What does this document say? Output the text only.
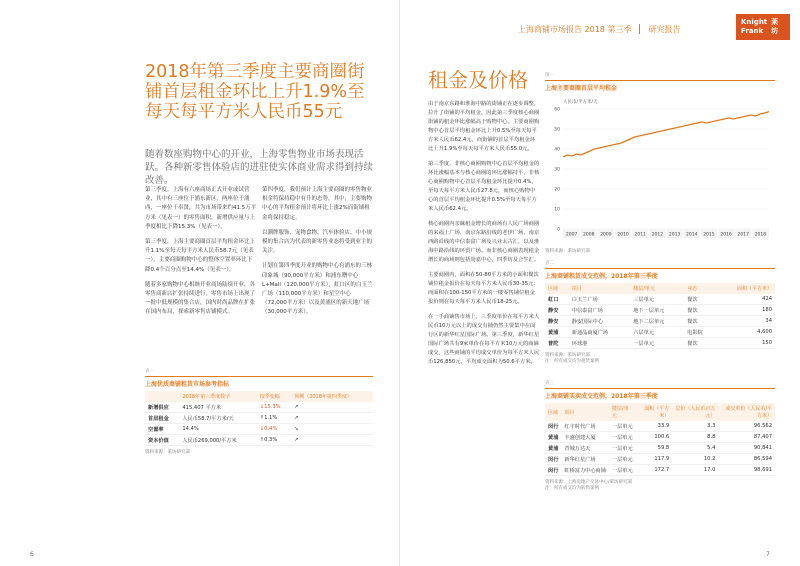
2018年第三季度主要商圈街铺首层租金环比上升1.9%至每天每平方米人民币55元
随着数座购物中心的开业，上海零售物业市场表现活跃。各种新零售体验店的进驻使实体商业需求得到持续改善。

第三季度，上海有六座商场正式开业或试营业，其中有三座位于浦东新区，两座位于浦西，一座位于奉贤，共为市场带来约41.5万平方米（见表一）的零售面积，新增供应量与上季度相比下降15.3%（见表一）。

第三季度，上海主要商圈首层平均租金环比上升1.1%至每天每平方米人民币58.7元（见表一），主要商圈购物中心的整体空置率环比下降0.4个百分点至14.4%（见表一）。

随着多家购物中心相继开业商场陆续开业，各零售商新店扩张持续进行，零售市场上出现了一批中低规模的集合店，国内时尚品牌在扩张在国内布局，探索新零售店铺模式。

第四季度，我们预计上海主要商圈的零售物业租金将保持稳中有升的态势，其中，主要购物中心的平均租金预计将环比上涨2%而街铺租金将保持稳定。

以潮牌服饰、宠物食物、汽车体验店、中小规模的集合店为代表的新零售业态将受到业主的关注。

计划在第四季度开业的购物中心有浦东的三林印象城（90,000平方米）和浦东曙中心L+Mall（120,000平方米），虹口区的白玉兰广场（110,000平方米）和星空中心（72,000平方米）以及黄浦区的新天地广场（30,000平方米）。

表一
上海优质商铺租赁市场参考指标
	2018年第三季度数字	按季变幅	预期（2018年第四季度）
新增供应	415,407 平方米	↓15.3%	↗
首层租金	人民币58.7/平方米/天	↑1.1%	↗
空置率	14.4%	↓0.4%	↘
资本价值	人民币269,000/平方米	↑0.3%	↗
资料来源：莱坊研究部
6
上海商铺市场报告 2018 第三季 研究报告
Knight
Frank
莱
坊
租金及价格

由于南京东路和淮海中路的街铺正在逐步调整，拉升了街铺的平均租金，因此第三季度核心商圈街铺的租金环比涨幅高于购物中心。主要商圈购物中心首层平均租金环比上升0.5%至每天每平方米人民币62.4元，而街铺的首层平均租金环比上升1.9%至每天每平方米人民币55.0元。

第三季度，非核心商圈购物中心首层平均租金的环比涨幅基本与核心商圈的环比涨幅持平，非核心商圈购物中心首层平均租金环比提升0.4%，至每天每平方米人民币27.8元，而核心购物中心的首层平均租金环比提升0.5%至每天每平方米人民币62.4元。

核心商圈内亲睐租金增长的商场有人民广场商圈的来福士广场、南京东路沿线的老伊广场，南京西路沿线的中信泰富广场及兴业太古汇，以及淮海中路沿线的环贸广场。而非核心商圈表现租金增长的商场则包括尚嘉中心，四季坊及合生汇。

主要商圈内，面积在50-80平方米的小面积餐饮铺位租金报价在每天每平方米人民币30-35元；而面积在100-150平方米的一楼零售铺位租金报价则在每天每平方米人民币18-25元。

在一手商铺售市场上，三季度单价在每平方米人民币10万元以上的成交有捕仍然主要集中在闵行区的新华红星国际广场。第三季度，新华红星国际广场共有9家单价在每平方米10万元的商铺成交，这些商铺的平均成交单价为每平方米人民币126,850元，平均成交面积为50.6平方米。

图一
上海主要商圈首层平均租金
人民币/平方米/天
0
10
20
30
40
50
60
2007 2008 2009 2010 2011 2012 2013 2014 2015 2016 2017 2018
资料来源：莱坊研究部
表二
上海商铺租赁成交范例，2018年第三季度
区域	项目	楼层/单元	业态	面积（平方米）
虹口	白玉兰广场	三层单元	餐饮	424
静安	中信泰富广场	地下一层单元	餐饮	180
静安	静安国际中心	地下二层单元	餐饮	34
黄浦	新通晶商厦广场	六层单元	电影院	4,600
普陀	环球港	一层单元	餐饮	150
资料来源：莱坊研究部
注：所有成交均为租赁案例
表三
上海商铺买卖成交范例，2018年第三季度
区域	项目	楼层/单元	面积（平方米）	总价（人民币百万元）	成交单价（人民币/平方米）
闵行	红丰时代广场	一层单元	33.9	3.3	96,562
黄浦	丰盛创建大厦	一层单元	100.6	8.8	87,407
黄浦	青城万达天	一层单元	59.8	5.4	90,841
闵行	新华红星广场	一层单元	117.9	10.2	86,594
闵行	虹桥富力中心商铺	一层单元	172.7	17.0	98,691
资料来源：上海房地产交易中心/莱坊研究部
注：所有成交均为转售案例
7
